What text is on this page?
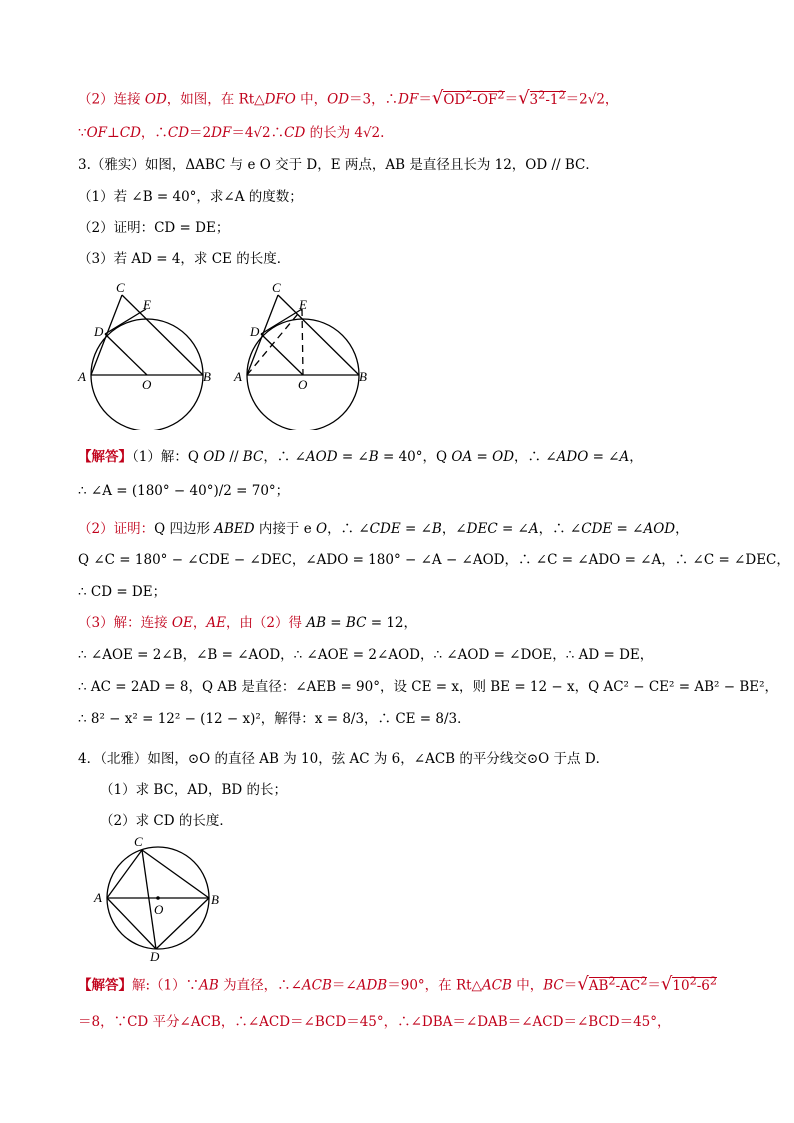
（2）连接 OD，如图，在 Rt△DFO 中，OD＝3，$\therefore DF=√OD^2-OF^2=√3^2-1^2=2√2$，
∵OF⊥CD，∴CD＝2DF＝4√2∴CD 的长为 4√2.
3.（雅实）如图，ΔABC 与 e O 交于 D，E 两点，AB 是直径且长为 12，OD // BC．
（1）若 ∠B = 40°，求∠A 的度数；
（2）证明：CD = DE；
（3）若 AD = 4，求 CE 的长度．
C
E
D
A
O
B
C
E
D
A
O
B
【解答】（1）解：Q OD // BC，∴ ∠AOD = ∠B = 40°，Q OA = OD，∴ ∠ADO = ∠A，
∴ ∠A = (180° − 40°)/2 = 70°；
（2）证明：Q 四边形 ABED 内接于 e O，∴ ∠CDE = ∠B，∠DEC = ∠A，∴ ∠CDE = ∠AOD，
Q ∠C = 180° − ∠CDE − ∠DEC，∠ADO = 180° − ∠A − ∠AOD，∴ ∠C = ∠ADO = ∠A，∴ ∠C = ∠DEC，
∴ CD = DE；
（3）解：连接 OE，AE，由（2）得 AB = BC = 12，
∴ ∠AOE = 2∠B，∠B = ∠AOD，∴ ∠AOE = 2∠AOD，∴ ∠AOD = ∠DOE，∴ AD = DE，
∴ AC = 2AD = 8，Q AB 是直径：∠AEB = 90°，设 CE = x，则 BE = 12 − x，Q AC² − CE² = AB² − BE²，
∴ 8² − x² = 12² − (12 − x)²，解得：x = 8/3，∴ CE = 8/3．
4．（北雅）如图，⊙O 的直径 AB 为 10，弦 AC 为 6，∠ACB 的平分线交⊙O 于点 D．
（1）求 BC，AD，BD 的长；
（2）求 CD 的长度．
C
A
O
B
D
【解答】解:（1）∵AB 为直径，∴∠ACB＝∠ADB＝90°，在 Rt△ACB 中，$BC=√AB^2-AC^2=√10^2-6^2$
＝8，∵CD 平分∠ACB，∴∠ACD＝∠BCD＝45°，∴∠DBA＝∠DAB＝∠ACD＝∠BCD＝45°，
